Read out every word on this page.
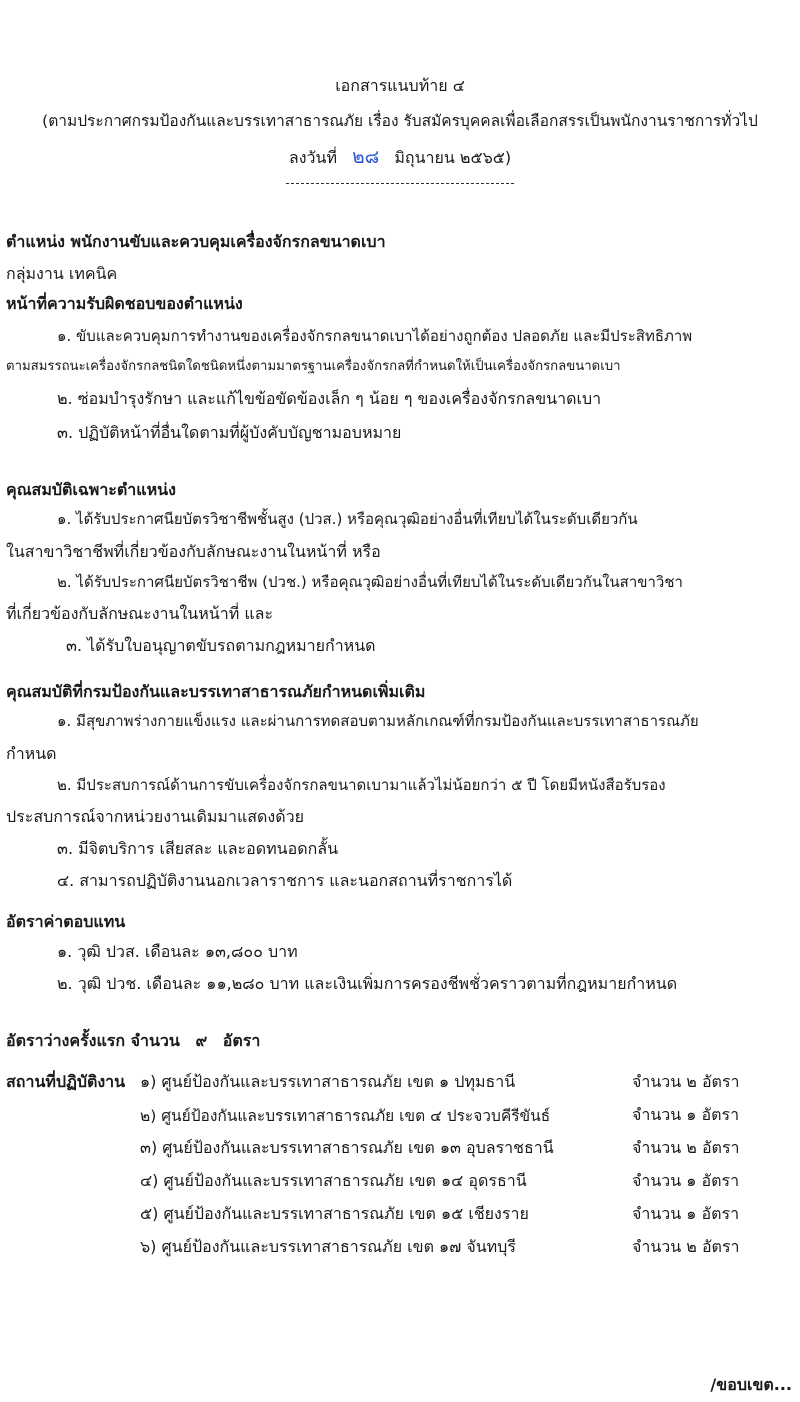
เอกสารแนบท้าย ๔
(ตามประกาศกรมป้องกันและบรรเทาสาธารณภัย เรื่อง รับสมัครบุคคลเพื่อเลือกสรรเป็นพนักงานราชการทั่วไป
ลงวันที่ ๒๘ มิถุนายน ๒๕๖๕)
ตำแหน่ง พนักงานขับและควบคุมเครื่องจักรกลขนาดเบา
กลุ่มงาน เทคนิค
หน้าที่ความรับผิดชอบของตำแหน่ง
๑. ขับและควบคุมการทำงานของเครื่องจักรกลขนาดเบาได้อย่างถูกต้อง ปลอดภัย และมีประสิทธิภาพ
ตามสมรรถนะเครื่องจักรกลชนิดใดชนิดหนึ่งตามมาตรฐานเครื่องจักรกลที่กำหนดให้เป็นเครื่องจักรกลขนาดเบา
๒. ซ่อมบำรุงรักษา และแก้ไขข้อขัดข้องเล็ก ๆ น้อย ๆ ของเครื่องจักรกลขนาดเบา
๓. ปฏิบัติหน้าที่อื่นใดตามที่ผู้บังคับบัญชามอบหมาย
คุณสมบัติเฉพาะตำแหน่ง
๑. ได้รับประกาศนียบัตรวิชาชีพชั้นสูง (ปวส.) หรือคุณวุฒิอย่างอื่นที่เทียบได้ในระดับเดียวกัน
ในสาขาวิชาชีพที่เกี่ยวข้องกับลักษณะงานในหน้าที่ หรือ
๒. ได้รับประกาศนียบัตรวิชาชีพ (ปวช.) หรือคุณวุฒิอย่างอื่นที่เทียบได้ในระดับเดียวกันในสาขาวิชา
ที่เกี่ยวข้องกับลักษณะงานในหน้าที่ และ
๓. ได้รับใบอนุญาตขับรถตามกฎหมายกำหนด
คุณสมบัติที่กรมป้องกันและบรรเทาสาธารณภัยกำหนดเพิ่มเติม
๑. มีสุขภาพร่างกายแข็งแรง และผ่านการทดสอบตามหลักเกณฑ์ที่กรมป้องกันและบรรเทาสาธารณภัย
กำหนด
๒. มีประสบการณ์ด้านการขับเครื่องจักรกลขนาดเบามาแล้วไม่น้อยกว่า ๕ ปี โดยมีหนังสือรับรอง
ประสบการณ์จากหน่วยงานเดิมมาแสดงด้วย
๓. มีจิตบริการ เสียสละ และอดทนอดกลั้น
๔. สามารถปฏิบัติงานนอกเวลาราชการ และนอกสถานที่ราชการได้
อัตราค่าตอบแทน
๑. วุฒิ ปวส. เดือนละ ๑๓,๘๐๐ บาท
๒. วุฒิ ปวช. เดือนละ ๑๑,๒๘๐ บาท และเงินเพิ่มการครองชีพชั่วคราวตามที่กฎหมายกำหนด
อัตราว่างครั้งแรก จำนวน ๙ อัตรา
สถานที่ปฏิบัติงาน ๑) ศูนย์ป้องกันและบรรเทาสาธารณภัย เขต ๑ ปทุมธานี	จำนวน ๒ อัตรา
๒) ศูนย์ป้องกันและบรรเทาสาธารณภัย เขต ๔ ประจวบคีรีขันธ์	จำนวน ๑ อัตรา
๓) ศูนย์ป้องกันและบรรเทาสาธารณภัย เขต ๑๓ อุบลราชธานี	จำนวน ๒ อัตรา
๔) ศูนย์ป้องกันและบรรเทาสาธารณภัย เขต ๑๔ อุดรธานี	จำนวน ๑ อัตรา
๕) ศูนย์ป้องกันและบรรเทาสาธารณภัย เขต ๑๕ เชียงราย	จำนวน ๑ อัตรา
๖) ศูนย์ป้องกันและบรรเทาสาธารณภัย เขต ๑๗ จันทบุรี	จำนวน ๒ อัตรา
/ขอบเขต...
